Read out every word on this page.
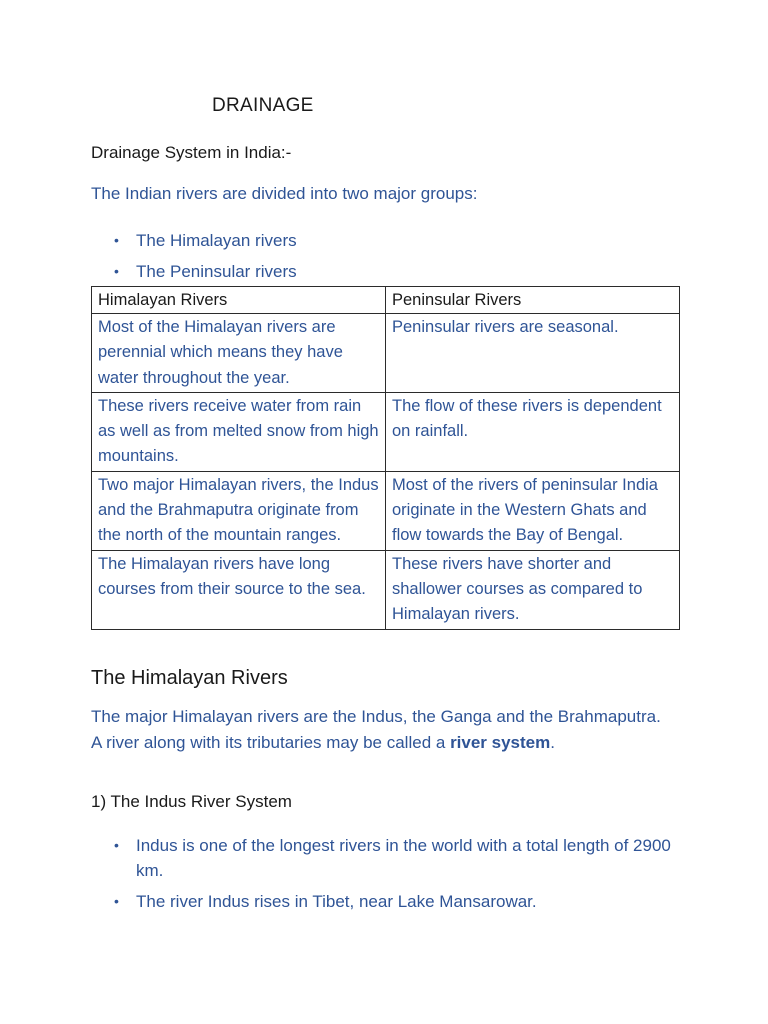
DRAINAGE
Drainage System in India:-
The Indian rivers are divided into two major groups:
• The Himalayan rivers
• The Peninsular rivers
Himalayan Rivers	Peninsular Rivers
Most of the Himalayan rivers are perennial which means they have water throughout the year.	Peninsular rivers are seasonal.
These rivers receive water from rain as well as from melted snow from high mountains.	The flow of these rivers is dependent on rainfall.
Two major Himalayan rivers, the Indus and the Brahmaputra originate from the north of the mountain ranges.	Most of the rivers of peninsular India originate in the Western Ghats and flow towards the Bay of Bengal.
The Himalayan rivers have long courses from their source to the sea.	These rivers have shorter and shallower courses as compared to Himalayan rivers.
The Himalayan Rivers
The major Himalayan rivers are the Indus, the Ganga and the Brahmaputra. A river along with its tributaries may be called a river system.
1) The Indus River System
• Indus is one of the longest rivers in the world with a total length of 2900 km.
• The river Indus rises in Tibet, near Lake Mansarowar.
